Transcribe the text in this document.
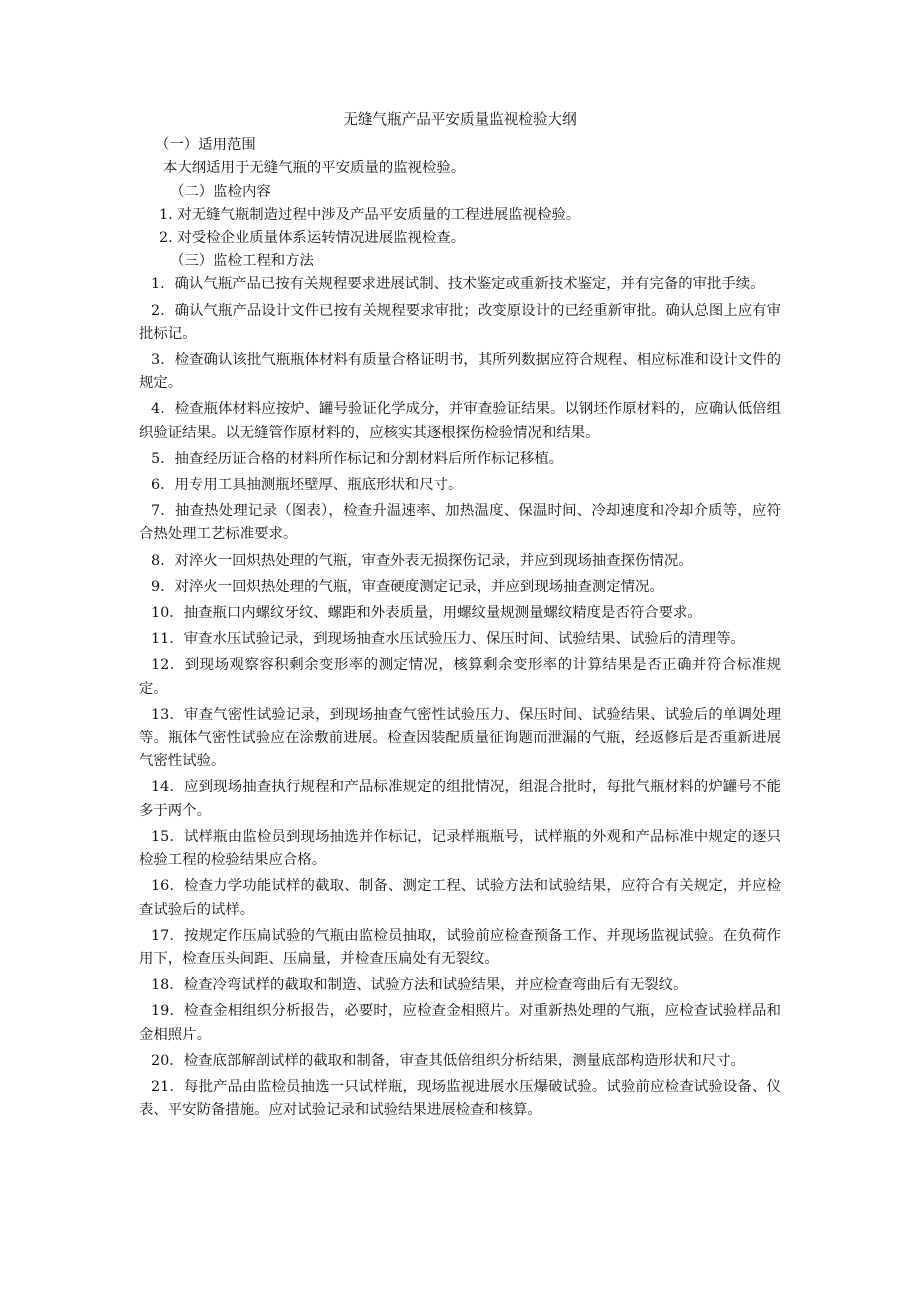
无缝气瓶产品平安质量监视检验大纲

（一）适用范围

本大纲适用于无缝气瓶的平安质量的监视检验。

（二）监检内容

1. 对无缝气瓶制造过程中涉及产品平安质量的工程进展监视检验。

2. 对受检企业质量体系运转情况进展监视检查。

（三）监检工程和方法

1．确认气瓶产品已按有关规程要求进展试制、技术鉴定或重新技术鉴定，并有完备的审批手续。

2．确认气瓶产品设计文件已按有关规程要求审批；改变原设计的已经重新审批。确认总图上应有审批标记。

3．检查确认该批气瓶瓶体材料有质量合格证明书，其所列数据应符合规程、相应标准和设计文件的规定。

4．检查瓶体材料应按炉、罐号验证化学成分，并审查验证结果。以钢坯作原材料的，应确认低倍组织验证结果。以无缝管作原材料的，应核实其逐根探伤检验情况和结果。

5．抽查经历证合格的材料所作标记和分割材料后所作标记移植。

6．用专用工具抽测瓶坯壁厚、瓶底形状和尺寸。

7．抽查热处理记录（图表），检查升温速率、加热温度、保温时间、冷却速度和冷却介质等，应符合热处理工艺标准要求。

8．对淬火一回炽热处理的气瓶，审查外表无损探伤记录，并应到现场抽查探伤情况。

9．对淬火一回炽热处理的气瓶，审查硬度测定记录，并应到现场抽查测定情况。

10．抽查瓶口内螺纹牙纹、螺距和外表质量，用螺纹量规测量螺纹精度是否符合要求。

11．审查水压试验记录，到现场抽查水压试验压力、保压时间、试验结果、试验后的清理等。

12．到现场观察容积剩余变形率的测定情况，核算剩余变形率的计算结果是否正确并符合标准规定。

13．审查气密性试验记录，到现场抽查气密性试验压力、保压时间、试验结果、试验后的单调处理等。瓶体气密性试验应在涂敷前进展。检查因装配质量征询题而泄漏的气瓶，经返修后是否重新进展气密性试验。

14．应到现场抽查执行规程和产品标准规定的组批情况，组混合批时，每批气瓶材料的炉罐号不能多于两个。

15．试样瓶由监检员到现场抽选并作标记，记录样瓶瓶号，试样瓶的外观和产品标准中规定的逐只检验工程的检验结果应合格。

16．检查力学功能试样的截取、制备、测定工程、试验方法和试验结果，应符合有关规定，并应检查试验后的试样。

17．按规定作压扁试验的气瓶由监检员抽取，试验前应检查预备工作、并现场监视试验。在负荷作用下，检查压头间距、压扁量，并检查压扁处有无裂纹。

18．检查冷弯试样的截取和制造、试验方法和试验结果，并应检查弯曲后有无裂纹。

19．检查金相组织分析报告，必要时，应检查金相照片。对重新热处理的气瓶，应检查试验样品和金相照片。

20．检查底部解剖试样的截取和制备，审查其低倍组织分析结果，测量底部构造形状和尺寸。

21．每批产品由监检员抽选一只试样瓶，现场监视进展水压爆破试验。试验前应检查试验设备、仪表、平安防备措施。应对试验记录和试验结果进展检查和核算。
